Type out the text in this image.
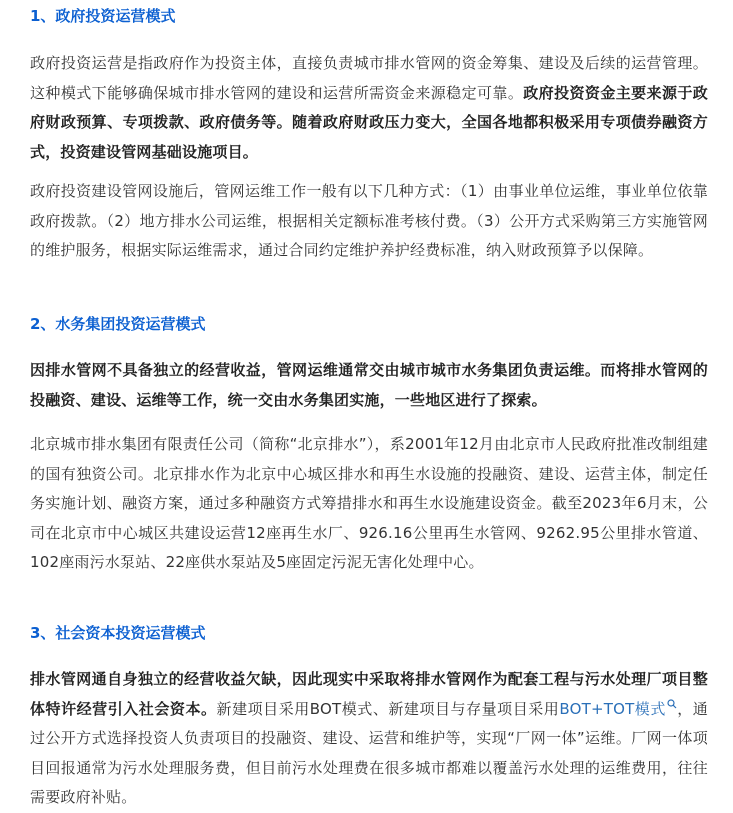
1、政府投资运营模式

政府投资运营是指政府作为投资主体，直接负责城市排水管网的资金筹集、建设及后续的运营管理。这种模式下能够确保城市排水管网的建设和运营所需资金来源稳定可靠。政府投资资金主要来源于政府财政预算、专项拨款、政府债务等。随着政府财政压力变大，全国各地都积极采用专项债券融资方式，投资建设管网基础设施项目。

政府投资建设管网设施后，管网运维工作一般有以下几种方式：（1）由事业单位运维，事业单位依靠政府拨款。（2）地方排水公司运维，根据相关定额标准考核付费。（3）公开方式采购第三方实施管网的维护服务，根据实际运维需求，通过合同约定维护养护经费标准，纳入财政预算予以保障。

2、水务集团投资运营模式

因排水管网不具备独立的经营收益，管网运维通常交由城市城市水务集团负责运维。而将排水管网的投融资、建设、运维等工作，统一交由水务集团实施，一些地区进行了探索。

北京城市排水集团有限责任公司（简称“北京排水”），系2001年12月由北京市人民政府批准改制组建的国有独资公司。北京排水作为北京中心城区排水和再生水设施的投融资、建设、运营主体，制定任务实施计划、融资方案，通过多种融资方式筹措排水和再生水设施建设资金。截至2023年6月末，公司在北京市中心城区共建设运营12座再生水厂、926.16公里再生水管网、9262.95公里排水管道、102座雨污水泵站、22座供水泵站及5座固定污泥无害化处理中心。

3、社会资本投资运营模式

排水管网通自身独立的经营收益欠缺，因此现实中采取将排水管网作为配套工程与污水处理厂项目整体特许经营引入社会资本。新建项目采用BOT模式、新建项目与存量项目采用BOT+TOT模式 ，通过公开方式选择投资人负责项目的投融资、建设、运营和维护等，实现“厂网一体”运维。厂网一体项目回报通常为污水处理服务费，但目前污水处理费在很多城市都难以覆盖污水处理的运维费用，往往需要政府补贴。
